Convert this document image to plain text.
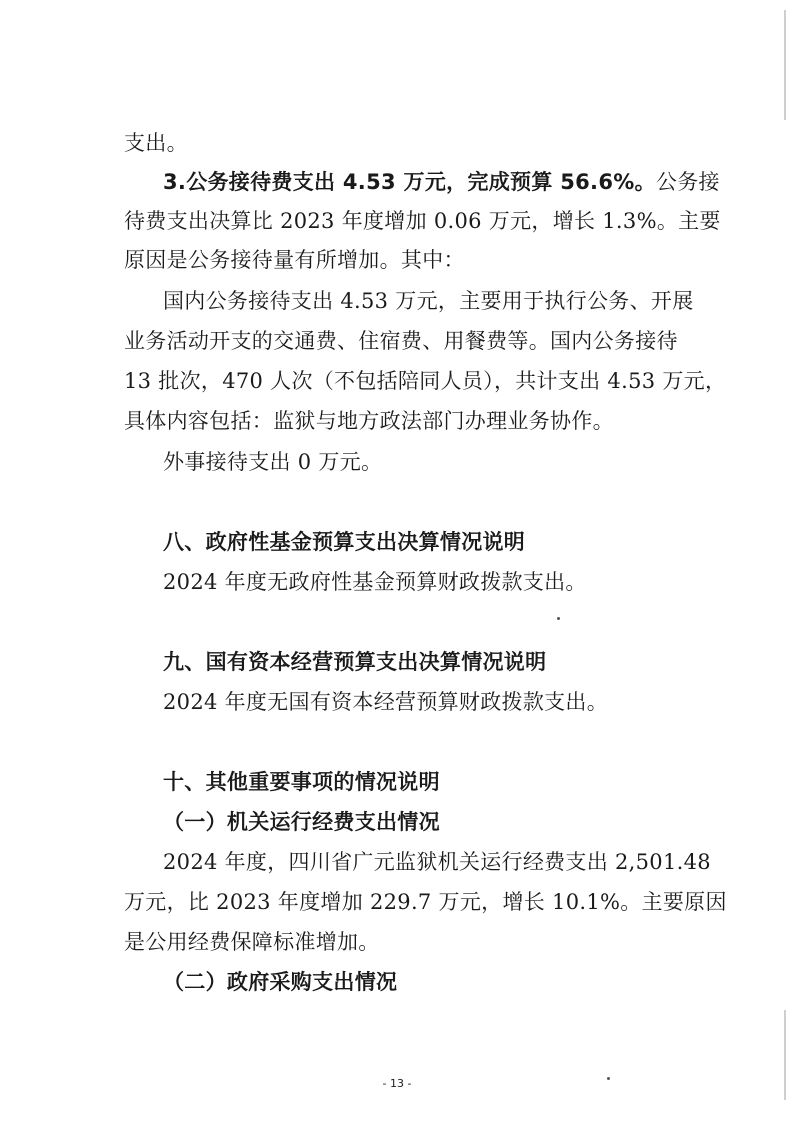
支出。
3.公务接待费支出 4.53 万元，完成预算 56.6%。公务接
待费支出决算比 2023 年度增加 0.06 万元，增长 1.3%。主要
原因是公务接待量有所增加。其中：
国内公务接待支出 4.53 万元，主要用于执行公务、开展
业务活动开支的交通费、住宿费、用餐费等。国内公务接待
13 批次，470 人次（不包括陪同人员），共计支出 4.53 万元，
具体内容包括：监狱与地方政法部门办理业务协作。
外事接待支出 0 万元。
八、政府性基金预算支出决算情况说明
2024 年度无政府性基金预算财政拨款支出。
九、国有资本经营预算支出决算情况说明
2024 年度无国有资本经营预算财政拨款支出。
十、其他重要事项的情况说明
（一）机关运行经费支出情况
2024 年度，四川省广元监狱机关运行经费支出 2,501.48
万元，比 2023 年度增加 229.7 万元，增长 10.1%。主要原因
是公用经费保障标准增加。
（二）政府采购支出情况
- 13 -
